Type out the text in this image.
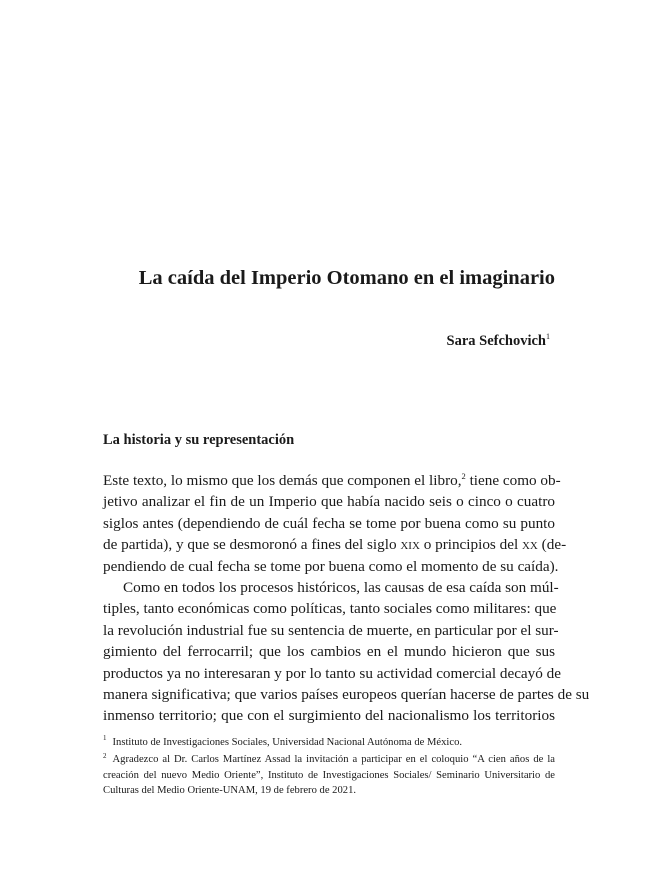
La caída del Imperio Otomano en el imaginario
Sara Sefchovich$^1$
La historia y su representación
Este texto, lo mismo que los demás que componen el libro,$^2$ tiene como ob-
jetivo analizar el fin de un Imperio que había nacido seis o cinco o cuatro
siglos antes (dependiendo de cuál fecha se tome por buena como su punto
de partida), y que se desmoronó a fines del siglo xix o principios del xx (de-
pendiendo de cual fecha se tome por buena como el momento de su caída).
Como en todos los procesos históricos, las causas de esa caída son múl-
tiples, tanto económicas como políticas, tanto sociales como militares: que
la revolución industrial fue su sentencia de muerte, en particular por el sur-
gimiento del ferrocarril; que los cambios en el mundo hicieron que sus
productos ya no interesaran y por lo tanto su actividad comercial decayó de
manera significativa; que varios países europeos querían hacerse de partes de su
inmenso territorio; que con el surgimiento del nacionalismo los territorios
$^1$ Instituto de Investigaciones Sociales, Universidad Nacional Autónoma de México.
$^2$ Agradezco al Dr. Carlos Martínez Assad la invitación a participar en el coloquio “A cien años de la
creación del nuevo Medio Oriente”, Instituto de Investigaciones Sociales/ Seminario Universitario de
Culturas del Medio Oriente-UNAM, 19 de febrero de 2021.
